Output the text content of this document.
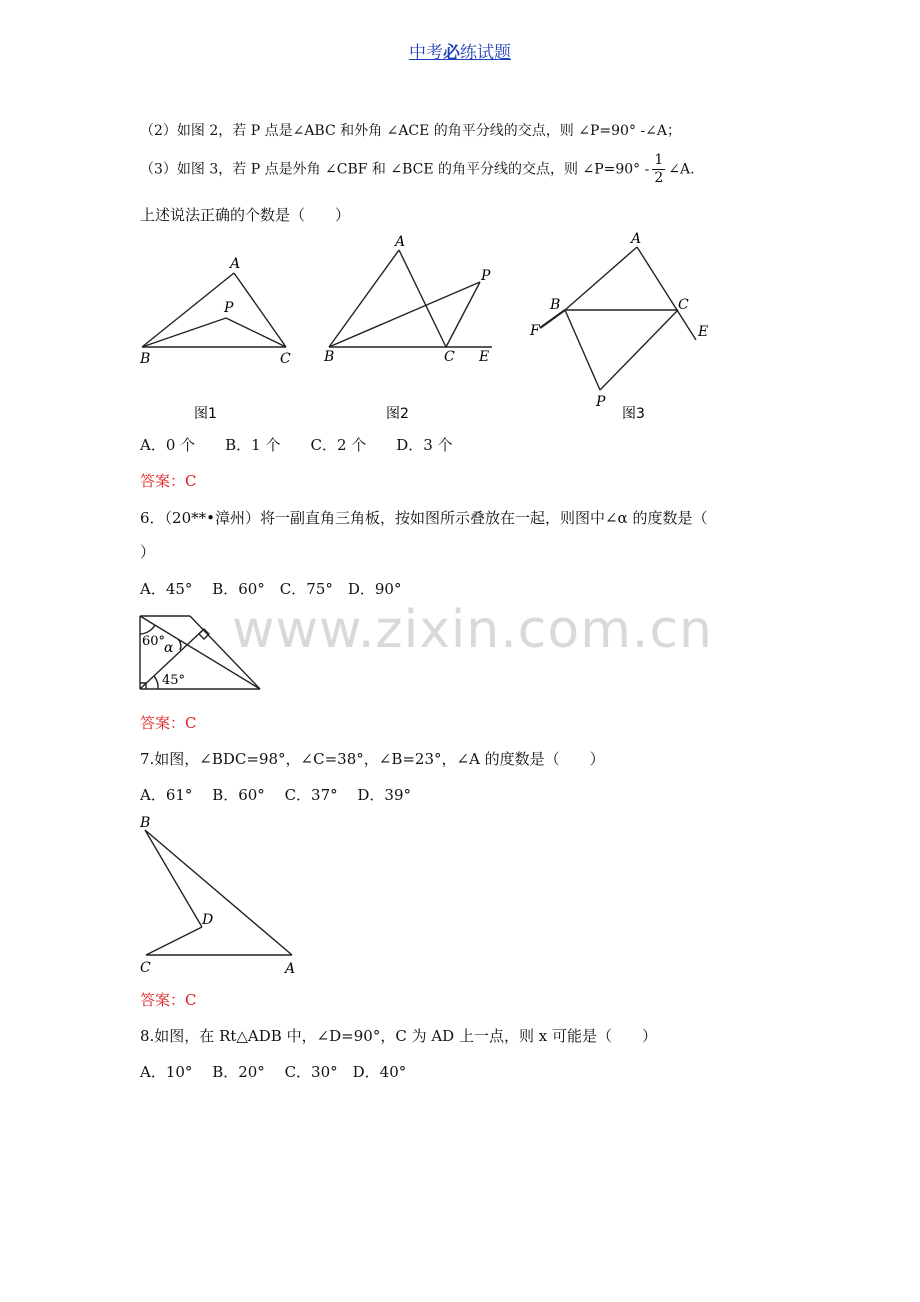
中考必练试题
（2）如图 2，若 P 点是∠ABC 和外角 ∠ACE 的角平分线的交点，则 ∠P=90° -∠A；
（3）如图 3，若 P 点是外角 ∠CBF 和 ∠BCE 的角平分线的交点，则 ∠P=90° - $\frac{1}{2}$ ∠A.
上述说法正确的个数是（　　）
A
P
B	C
图1
A
P
B	C E
图2
A
B	C
F	E
P
图3
A．0 个　　B．1 个　　C．2 个　　D．3 个
答案：C
6．（20**•漳州）将一副直角三角板，按如图所示叠放在一起，则图中∠α 的度数是（
）
A．45°　 B．60°　C．75°　D．90°
60°
α
45°
www.zixin.com.cn
答案：C
7.如图，∠BDC=98°，∠C=38°，∠B=23°，∠A 的度数是（　　）
A．61°　 B．60°　 C．37°　 D．39°
B
D
C	A
答案：C
8.如图，在 Rt△ADB 中，∠D=90°，C 为 AD 上一点，则 x 可能是（　　）
A．10°　 B．20°　 C．30°　D．40°
